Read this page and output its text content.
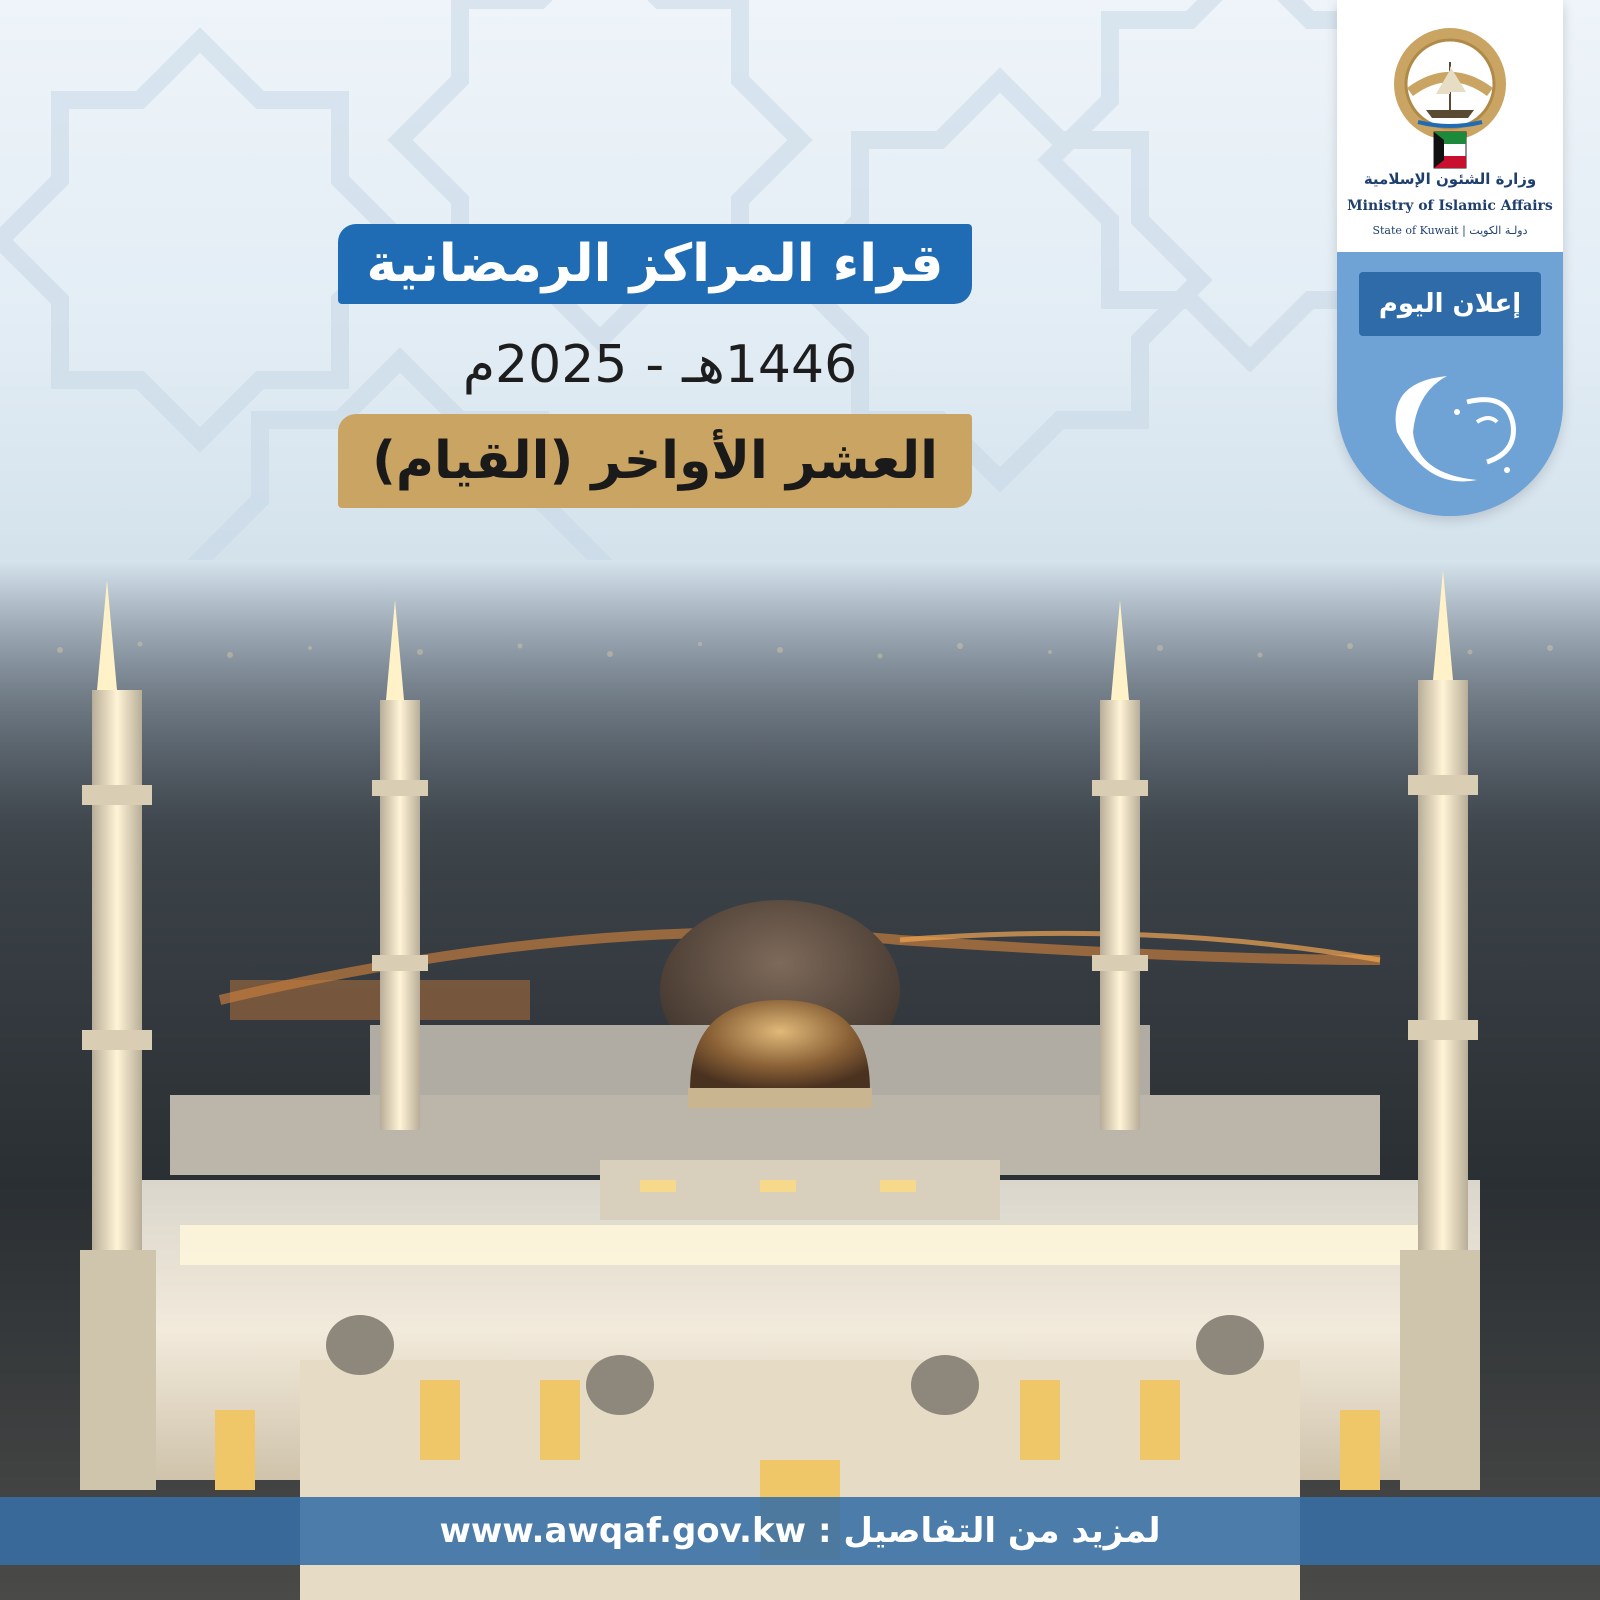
قراء المراكز الرمضانية
1446هـ
-
2025م
العشر الأواخر (القيام)
وزارة الشئون الإسلامية
Ministry of Islamic Affairs
State of Kuwait | دولـة الكويت
إعلان اليوم
www.awqaf.gov.kw لمزيد من التفاصيل :
